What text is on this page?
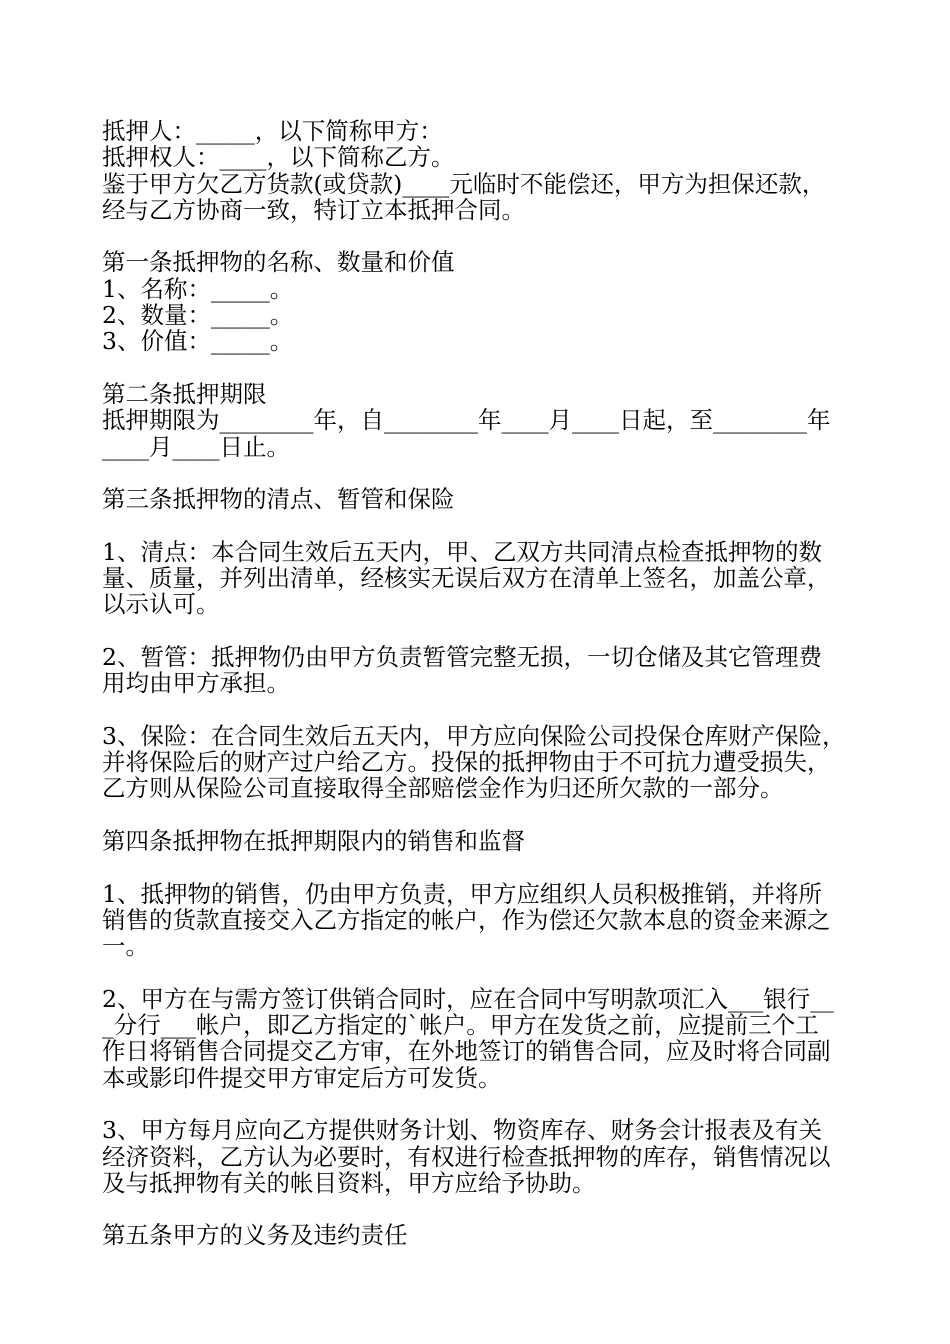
抵押人：_____，以下简称甲方：
抵押权人：____，以下简称乙方。
鉴于甲方欠乙方货款(或贷款)____元临时不能偿还，甲方为担保还款，
经与乙方协商一致，特订立本抵押合同。
第一条抵押物的名称、数量和价值
1、名称：_____。
2、数量：_____。
3、价值：_____。
第二条抵押期限
抵押期限为________年，自________年____月____日起，至________年
____月____日止。
第三条抵押物的清点、暂管和保险
1、清点：本合同生效后五天内，甲、乙双方共同清点检查抵押物的数
量、质量，并列出清单，经核实无误后双方在清单上签名，加盖公章，
以示认可。
2、暂管：抵押物仍由甲方负责暂管完整无损，一切仓储及其它管理费
用均由甲方承担。
3、保险：在合同生效后五天内，甲方应向保险公司投保仓库财产保险，
并将保险后的财产过户给乙方。投保的抵押物由于不可抗力遭受损失，
乙方则从保险公司直接取得全部赔偿金作为归还所欠款的一部分。
第四条抵押物在抵押期限内的销售和监督
1、抵押物的销售，仍由甲方负责，甲方应组织人员积极推销，并将所
销售的货款直接交入乙方指定的帐户，作为偿还欠款本息的资金来源之
一。
2、甲方在与需方签订供销合同时，应在合同中写明款项汇入___银行__
_分行___帐户，即乙方指定的`帐户。甲方在发货之前，应提前三个工
作日将销售合同提交乙方审，在外地签订的销售合同，应及时将合同副
本或影印件提交甲方审定后方可发货。
3、甲方每月应向乙方提供财务计划、物资库存、财务会计报表及有关
经济资料，乙方认为必要时，有权进行检查抵押物的库存，销售情况以
及与抵押物有关的帐目资料，甲方应给予协助。
第五条甲方的义务及违约责任
